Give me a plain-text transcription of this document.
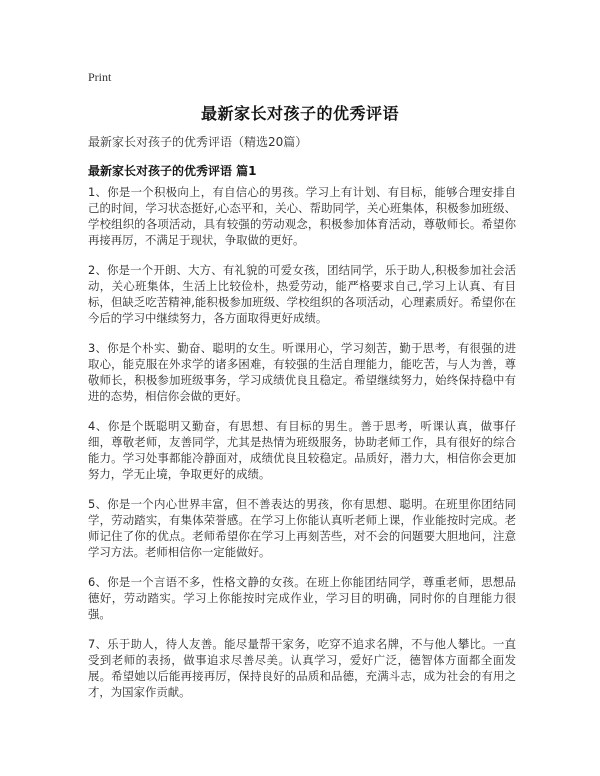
Print
最新家长对孩子的优秀评语
最新家长对孩子的优秀评语（精选20篇）
最新家长对孩子的优秀评语 篇1

1、你是一个积极向上，有自信心的男孩。学习上有计划、有目标，能够合理安排自己的时间，学习状态挺好,心态平和，关心、帮助同学，关心班集体，积极参加班级、学校组织的各项活动，具有较强的劳动观念，积极参加体育活动，尊敬师长。希望你再接再厉，不满足于现状，争取做的更好。

2、你是一个开朗、大方、有礼貌的可爱女孩，团结同学，乐于助人,积极参加社会活动，关心班集体，生活上比较俭朴，热爱劳动，能严格要求自己,学习上认真、有目标，但缺乏吃苦精神,能积极参加班级、学校组织的各项活动，心理素质好。希望你在今后的学习中继续努力，各方面取得更好成绩。

3、你是个朴实、勤奋、聪明的女生。听课用心，学习刻苦，勤于思考，有很强的进取心，能克服在外求学的诸多困难，有较强的生活自理能力，能吃苦，与人为善，尊敬师长，积极参加班级事务，学习成绩优良且稳定。希望继续努力，始终保持稳中有进的态势，相信你会做的更好。

4、你是个既聪明又勤奋，有思想、有目标的男生。善于思考，听课认真，做事仔细，尊敬老师，友善同学，尤其是热情为班级服务，协助老师工作，具有很好的综合能力。学习处事都能冷静面对，成绩优良且较稳定。品质好，潜力大，相信你会更加努力，学无止境，争取更好的成绩。

5、你是一个内心世界丰富，但不善表达的男孩，你有思想、聪明。在班里你团结同学，劳动踏实，有集体荣誉感。在学习上你能认真听老师上课，作业能按时完成。老师记住了你的优点。老师希望你在学习上再刻苦些，对不会的问题要大胆地问，注意学习方法。老师相信你一定能做好。

6、你是一个言语不多，性格文静的女孩。在班上你能团结同学，尊重老师，思想品德好，劳动踏实。学习上你能按时完成作业，学习目的明确，同时你的自理能力很强。

7、乐于助人，待人友善。能尽量帮干家务，吃穿不追求名牌，不与他人攀比。一直受到老师的表扬，做事追求尽善尽美。认真学习，爱好广泛，德智体方面都全面发展。希望她以后能再接再厉，保持良好的品质和品德，充满斗志，成为社会的有用之才，为国家作贡献。
